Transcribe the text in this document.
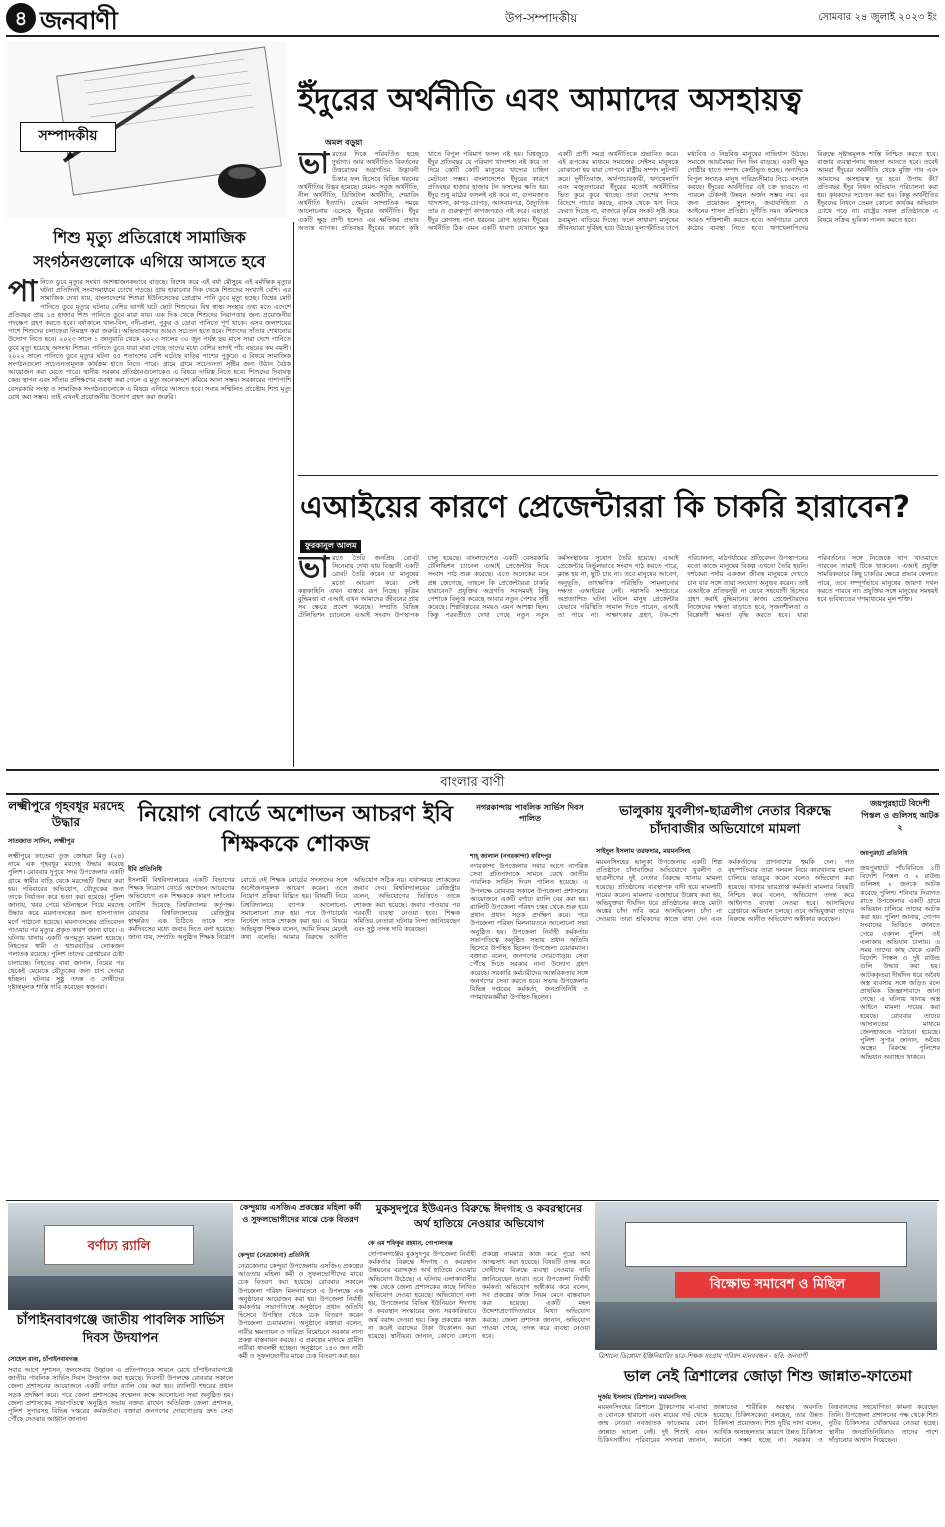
৪ জনবাণী	উপ-সম্পাদকীয়	সোমবার ২৪ জুলাই ২০২৩ ইং
সম্পাদকীয়
ইঁদুরের অর্থনীতি এবং আমাদের অসহায়ত্ব
অমল বড়ুয়া
ভারতের দিকে পরিবর্তিত হচ্ছে দুর্ভাগ্য। আর অর্থনীতিও বিবর্তনের উত্তরোত্তর অগ্রগতির উদ্ভাবনী চিন্তার ফল হিসেবে বিভিন্ন ধরনের অর্থনীতির উদ্ভব হয়েছে। যেমন- সবুজ অর্থনীতি, নীল অর্থনীতি, ডিজিটাল অর্থনীতি, শেয়ারিং অর্থনীতি ইত্যাদি। তেমনি সাম্প্রতিক সময়ে আলোচনায় এসেছে ইঁদুরের অর্থনীতি। ইঁদুর একটি ক্ষুদ্র প্রাণী হলেও এর ক্ষতিকর প্রভাব অত্যন্ত ব্যাপক। প্রতিবছর ইঁদুরের কারণে কৃষি খাতে বিপুল পরিমাণ ফসল নষ্ট হয়। বিশ্বজুড়ে ইঁদুর প্রতিবছর যে পরিমাণ খাদ্যশস্য নষ্ট করে তা দিয়ে কোটি কোটি মানুষের খাদ্যের চাহিদা মেটানো সম্ভব। বাংলাদেশেও ইঁদুরের কারণে প্রতিবছর হাজার হাজার টন ফসলের ক্ষতি হয়। ইঁদুর শুধু মাঠের ফসলই নষ্ট করে না, গুদামজাত খাদ্যশস্য, কাপড়-চোপড়, আসবাবপত্র, বৈদ্যুতিক তার ও গুরুত্বপূর্ণ কাগজপত্রও নষ্ট করে। এছাড়া ইঁদুর প্লেগসহ নানা ধরনের রোগ ছড়ায়। ইঁদুরের অর্থনীতি ঠিক এমন একটি ধারণা যেখানে ক্ষুদ্র একটি প্রাণী সমগ্র অর্থনীতিকে প্রভাবিত করে। এই রূপকের মাধ্যমে সমাজের সেইসব মানুষকে বোঝানো হয় যারা গোপনে রাষ্ট্রীয় সম্পদ লুটপাট করে। দুর্নীতিবাজ, অর্থপাচারকারী, ঋণখেলাপি এবং মজুতদারেরা ইঁদুরের মতোই অর্থনীতির ভিত কুরে কুরে খাচ্ছে। তারা দেশের সম্পদ বিদেশে পাচার করছে, ব্যাংক থেকে ঋণ নিয়ে ফেরত দিচ্ছে না, বাজারে কৃত্রিম সংকট সৃষ্টি করে দ্রব্যমূল্য বাড়িয়ে দিচ্ছে। ফলে সাধারণ মানুষের জীবনযাত্রা দুর্বিষহ হয়ে উঠছে। মূল্যস্ফীতির চাপে মধ্যবিত্ত ও নিম্নবিত্ত মানুষের নাভিশ্বাস উঠছে। সমাজে আয়বৈষম্য দিন দিন বাড়ছে। একটি ক্ষুদ্র গোষ্ঠীর হাতে সম্পদ কেন্দ্রীভূত হচ্ছে। অন্যদিকে বিপুল সংখ্যক মানুষ দারিদ্র্যসীমার নিচে বসবাস করছে। ইঁদুরের অর্থনীতির এই চক্র ভাঙতে না পারলে টেকসই উন্নয়ন অর্জন সম্ভব নয়। এর জন্য প্রয়োজন সুশাসন, জবাবদিহিতা ও আইনের শাসন প্রতিষ্ঠা। দুর্নীতি দমন কমিশনকে আরও শক্তিশালী করতে হবে। অর্থপাচার রোধে কঠোর ব্যবস্থা নিতে হবে। ঋণখেলাপিদের বিরুদ্ধে দৃষ্টান্তমূলক শাস্তি নিশ্চিত করতে হবে। বাজার ব্যবস্থাপনায় স্বচ্ছতা আনতে হবে। তবেই আমরা ইঁদুরের অর্থনীতি থেকে মুক্তি পাব এবং আমাদের অসহায়ত্ব দূর হবে। উপায় কী? প্রতিবছর ইঁদুর নিধন অভিযান পরিচালনা করা হয়। কৃষকদের সচেতন করা হয়। কিন্তু অর্থনীতির ইঁদুরদের নিধনে তেমন কোনো কার্যকর অভিযান চোখে পড়ে না। রাষ্ট্রের সকল প্রতিষ্ঠানকে এ বিষয়ে সক্রিয় ভূমিকা পালন করতে হবে।
শিশু মৃত্যু প্রতিরোধে সামাজিক সংগঠনগুলোকে এগিয়ে আসতে হবে
পানিতে ডুবে মৃত্যুর সংখ্যা আশঙ্কাজনকভাবে বাড়ছে। বিশেষ করে এই বর্ষা মৌসুমে এই মর্মান্তিক মৃত্যুর ঘটনা প্রতিদিনই সংবাদমাধ্যমে চোখে পড়ছে। গ্রাম হারানোর দিক থেকে শিশুদের সংখ্যাই বেশি। এর সামাজিক দেখা যায়, বাংলাদেশের শিশুরা ইউনিসেফের প্রোগ্রাম পানি ডুবে মৃত্যু হচ্ছে। বিশ্বের মোট পানিতে ডুবে মৃত্যুর ঘটনার বেশির ভাগই ঘটে ছোট শিশুদের। বিশ্ব স্বাস্থ্য সংস্থার তথ্য মতে এদেশে প্রতিবছর প্রায় ১৪ হাজার শিশু পানিতে ডুবে মারা যায়। এক দিক থেকে শিশুদের নিরাপত্তার জন্য প্রয়োজনীয় পদক্ষেপ গ্রহণ করতে হবে। বর্ষাকালে খাল-বিল, নদী-নালা, পুকুর ও ডোবা পানিতে পূর্ণ থাকে। এসব জলাশয়ের পাশে শিশুদের চলাফেরা নিয়ন্ত্রণ করা জরুরি। অভিভাবকদের আরও সচেতন হতে হবে। শিশুদের সাঁতার শেখানোর উদ্যোগ নিতে হবে। ২০২৩ সালে ১ জানুয়ারি থেকে ২০২৩ সালের ৩০ জুন পর্যন্ত ছয় মাসে সারা দেশে পানিতে ডুবে মৃত্যু হয়েছে অসংখ্য শিশুর। পানিতে ডুবে যারা মারা গেছে তাদের মধ্যে বেশির ভাগই পাঁচ বছরের কম বয়সী। ২০২২ সালে পানিতে ডুবে মৃত্যুর ঘটনা ৫৫ শতাংশের বেশি ঘটেছে বাড়ির পাশের পুকুরে। এ বিষয়ে সামাজিক সংগঠনগুলো সচেতনতামূলক কার্যক্রম হাতে নিতে পারে। গ্রামে গ্রামে সচেতনতা সৃষ্টির জন্য উঠান বৈঠক আয়োজন করা যেতে পারে। স্থানীয় সরকার প্রতিষ্ঠানগুলোকেও এ বিষয়ে দায়িত্ব নিতে হবে। শিশুদের দিবাযত্ন কেন্দ্র স্থাপন এবং সাঁতার প্রশিক্ষণের ব্যবস্থা করা গেলে এ মৃত্যু অনেকাংশে কমিয়ে আনা সম্ভব। সরকারের পাশাপাশি বেসরকারি সংস্থা ও সামাজিক সংগঠনগুলোকে এ বিষয়ে এগিয়ে আসতে হবে। সবার সম্মিলিত প্রচেষ্টায় শিশু মৃত্যু রোধ করা সম্ভব। তাই এখনই প্রয়োজনীয় উদ্যোগ গ্রহণ করা জরুরি।
এআইয়ের কারণে প্রেজেন্টাররা কি চাকরি হারাবেন?
ফুরকানুল আলম
ভারতে তৈরি জনপ্রিয় রোবট সিনেমায় দেখা যায় বিজ্ঞানী একটি রোবট তৈরি করেন যা মানুষের মতো আচরণ করে। সেই কল্পকাহিনি এখন বাস্তবে রূপ নিচ্ছে। কৃত্রিম বুদ্ধিমত্তা বা এআই এখন আমাদের জীবনের প্রায় সব ক্ষেত্রে প্রবেশ করেছে। সম্প্রতি বিভিন্ন টেলিভিশন চ্যানেলে এআই সংবাদ উপস্থাপক চালু হয়েছে। বাংলাদেশেও একটি বেসরকারি টেলিভিশন চ্যানেল এআই প্রেজেন্টার দিয়ে সংবাদ পাঠ শুরু করেছে। এতে অনেকের মনে প্রশ্ন জেগেছে, তাহলে কি প্রেজেন্টাররা চাকরি হারাবেন? প্রযুক্তির অগ্রগতি সবসময়ই কিছু পেশাকে বিলুপ্ত করেছে আবার নতুন পেশার সৃষ্টি করেছে। শিল্পবিপ্লবের সময়ও এমন আশঙ্কা ছিল। কিন্তু পরবর্তীতে দেখা গেছে নতুন নতুন কর্মসংস্থানের সুযোগ তৈরি হয়েছে। এআই প্রেজেন্টার নির্ভুলভাবে সংবাদ পাঠ করতে পারে, ক্লান্ত হয় না, ছুটি চায় না। তবে মানুষের আবেগ, অনুভূতি, তাৎক্ষণিক পরিস্থিতি সামলানোর দক্ষতা এআইয়ের নেই। সরাসরি সম্প্রচারে অপ্রত্যাশিত ঘটনা ঘটলে মানুষ প্রেজেন্টার যেভাবে পরিস্থিতি সামাল দিতে পারেন, এআই তা পারে না। সাক্ষাৎকার গ্রহণ, টক-শো পরিচালনা, মাঠপর্যায়ের প্রতিবেদন উপস্থাপনের মতো কাজে মানুষের বিকল্প এখনো তৈরি হয়নি। দর্শকেরা পর্দায় একজন জীবন্ত মানুষকে দেখতে চান যার সঙ্গে তারা সংযোগ অনুভব করেন। তাই এআইকে প্রতিদ্বন্দ্বী না ভেবে সহযোগী হিসেবে গ্রহণ করাই বুদ্ধিমানের কাজ। প্রেজেন্টারদের নিজেদের দক্ষতা বাড়াতে হবে, সৃজনশীলতা ও বিশ্লেষণী ক্ষমতা বৃদ্ধি করতে হবে। যারা পরিবর্তনের সঙ্গে নিজেকে খাপ খাওয়াতে পারবেন তারাই টিকে থাকবেন। এআই প্রযুক্তি সাময়িকভাবে কিছু চাকরির ক্ষেত্রে প্রভাব ফেলতে পারে, তবে সম্পূর্ণভাবে মানুষের জায়গা দখল করতে পারবে না। প্রযুক্তির সঙ্গে মানুষের সমন্বয়ই হবে ভবিষ্যতের গণমাধ্যমের মূল শক্তি।
বাংলার বাণী
লক্ষ্মীপুরে গৃহবধূর মরদেহ উদ্ধার
সাতজাত সাদিন, লক্ষ্মীপুর
লক্ষ্মীপুরে ফাতেমা তুজ জোহরা মিতু (২৪) নামে এক গৃহবধূর মরদেহ উদ্ধার করেছে পুলিশ। রোববার দুপুরে সদর উপজেলার একটি গ্রামে স্বামীর বাড়ি থেকে মরদেহটি উদ্ধার করা হয়। পরিবারের অভিযোগ, যৌতুকের জন্য তাকে নির্যাতন করে হত্যা করা হয়েছে। পুলিশ জানায়, খবর পেয়ে ঘটনাস্থলে গিয়ে মরদেহ উদ্ধার করে ময়নাতদন্তের জন্য হাসপাতাল মর্গে পাঠানো হয়েছে। ময়নাতদন্তের প্রতিবেদন পাওয়ার পর মৃত্যুর প্রকৃত কারণ জানা যাবে। এ ঘটনায় থানায় একটি অপমৃত্যু মামলা হয়েছে। নিহতের স্বামী ও শ্বশুরবাড়ির লোকজন পলাতক রয়েছে। পুলিশ তাদের গ্রেপ্তারের চেষ্টা চালাচ্ছে। নিহতের বাবা জানান, বিয়ের পর থেকেই মেয়েকে যৌতুকের জন্য চাপ দেওয়া হচ্ছিল। ঘটনার সুষ্ঠু তদন্ত ও দোষীদের দৃষ্টান্তমূলক শাস্তি দাবি করেছেন স্বজনরা।
নিয়োগ বোর্ডে অশোভন আচরণ ইবি শিক্ষককে শোকজ
ইবি প্রতিনিধি
ইসলামী বিশ্ববিদ্যালয়ের একটি বিভাগের শিক্ষক নিয়োগ বোর্ডে অশোভন আচরণের অভিযোগে এক শিক্ষককে কারণ দর্শানোর নোটিশ দিয়েছে বিশ্ববিদ্যালয় কর্তৃপক্ষ। রোববার বিশ্ববিদ্যালয়ের রেজিস্ট্রার স্বাক্ষরিত এক চিঠিতে তাকে সাত কর্মদিবসের মধ্যে জবাব দিতে বলা হয়েছে। জানা যায়, সম্প্রতি অনুষ্ঠিত শিক্ষক নিয়োগ বোর্ডে ওই শিক্ষক বোর্ডের সদস্যদের সঙ্গে অসৌজন্যমূলক আচরণ করেন। এতে নিয়োগ প্রক্রিয়া বিঘ্নিত হয়। বিষয়টি নিয়ে বিশ্ববিদ্যালয়ে ব্যাপক আলোচনা-সমালোচনা শুরু হয়। পরে উপাচার্যের নির্দেশে তাকে শোকজ করা হয়। এ বিষয়ে অভিযুক্ত শিক্ষক বলেন, আমি নিয়ম মেনেই কথা বলেছি। আমার বিরুদ্ধে আনীত অভিযোগ সঠিক নয়। যথাসময়ে শোকজের জবাব দেব। বিশ্ববিদ্যালয়ের রেজিস্ট্রার বলেন, অভিযোগের ভিত্তিতে তাকে শোকজ করা হয়েছে। জবাব পাওয়ার পর পরবর্তী ব্যবস্থা নেওয়া হবে। শিক্ষক সমিতির নেতারা ঘটনার নিন্দা জানিয়েছেন এবং সুষ্ঠু তদন্ত দাবি করেছেন।
নগরকান্দায় পাবলিক সার্ভিস দিবস পালিত
শাহ্ জালাল (নগরকান্দা) ফরিদপুর
নগরকান্দা উপজেলায় সবার আগে নাগরিক সেবা প্রতিপাদ্যকে সামনে রেখে জাতীয় পাবলিক সার্ভিস দিবস পালিত হয়েছে। এ উপলক্ষে রোববার সকালে উপজেলা প্রশাসনের আয়োজনে একটি বর্ণাঢ্য র‍্যালি বের করা হয়। র‍্যালিটি উপজেলা পরিষদ চত্বর থেকে শুরু হয়ে প্রধান প্রধান সড়ক প্রদক্ষিণ করে। পরে উপজেলা পরিষদ মিলনায়তনে আলোচনা সভা অনুষ্ঠিত হয়। উপজেলা নির্বাহী কর্মকর্তার সভাপতিত্বে অনুষ্ঠিত সভায় প্রধান অতিথি হিসেবে উপস্থিত ছিলেন উপজেলা চেয়ারম্যান। বক্তারা বলেন, জনগণের দোরগোড়ায় সেবা পৌঁছে দিতে সরকার নানা উদ্যোগ গ্রহণ করেছে। সরকারি কর্মচারীদের আন্তরিকতার সঙ্গে জনগণের সেবা করতে হবে। সভায় উপজেলার বিভিন্ন দপ্তরের কর্মকর্তা, জনপ্রতিনিধি ও গণমাধ্যমকর্মীরা উপস্থিত ছিলেন।
ভালুকায় যুবলীগ-ছাত্রলীগ নেতার বিরুদ্ধে চাঁদাবাজীর অভিযোগে মামলা
সাইদুল ইসলাম তরফদার, ময়মনসিংহ
ময়মনসিংহের ভালুকা উপজেলায় একটি শিল্প প্রতিষ্ঠানে চাঁদাবাজির অভিযোগে যুবলীগ ও ছাত্রলীগের দুই নেতার বিরুদ্ধে থানায় মামলা হয়েছে। প্রতিষ্ঠানের ব্যবস্থাপক বাদী হয়ে মামলাটি দায়ের করেন। মামলার এজাহারে উল্লেখ করা হয়, অভিযুক্তরা দীর্ঘদিন ধরে প্রতিষ্ঠানের কাছে মোটা অঙ্কের চাঁদা দাবি করে আসছিলেন। চাঁদা না দেওয়ায় তারা শ্রমিকদের কাজে বাধা দেন এবং কর্মকর্তাদের প্রাণনাশের হুমকি দেন। গত বৃহস্পতিবার তারা দলবল নিয়ে কারখানায় হামলা চালিয়ে ভাঙচুর করেন বলেও অভিযোগ করা হয়েছে। থানার ভারপ্রাপ্ত কর্মকর্তা মামলার বিষয়টি নিশ্চিত করে বলেন, অভিযোগ তদন্ত করে আইনগত ব্যবস্থা নেওয়া হবে। আসামিদের গ্রেপ্তারে অভিযান চলছে। তবে অভিযুক্তরা তাদের বিরুদ্ধে আনীত অভিযোগ অস্বীকার করেছেন।
জয়পুরহাটে বিদেশী পিস্তল ও গুলিসহ আটক ২
জয়পুরহাট প্রতিনিধি
জয়পুরহাটে পাঁচবিবিতে ১টি বিদেশি পিস্তল ও ২ রাউন্ড গুলিসহ ২ জনকে আটক করেছে পুলিশ। শনিবার দিবাগত রাতে উপজেলার একটি গ্রামে অভিযান চালিয়ে তাদের আটক করা হয়। পুলিশ জানায়, গোপন সংবাদের ভিত্তিতে জানতে পেরে একদল পুলিশ ওই এলাকায় অভিযান চালায়। এ সময় তাদের কাছ থেকে একটি বিদেশি পিস্তল ও দুই রাউন্ড গুলি উদ্ধার করা হয়। আটককৃতরা দীর্ঘদিন ধরে অবৈধ অস্ত্র ব্যবসার সঙ্গে জড়িত বলে প্রাথমিক জিজ্ঞাসাবাদে জানা গেছে। এ ঘটনায় থানায় অস্ত্র আইনে মামলা দায়ের করা হয়েছে। রোববার তাদের আদালতের মাধ্যমে জেলহাজতে পাঠানো হয়েছে। পুলিশ সুপার জানান, অবৈধ অস্ত্রের বিরুদ্ধে পুলিশের অভিযান অব্যাহত থাকবে।
বর্ণাঢ্য র‍্যালি
চাঁপাইনবাবগঞ্জে জাতীয় পাবলিক সার্ভিস দিবস উদযাপন
সোহেল রানা, চাঁপাইনবাবগঞ্জ
সবার আগে সুশাসন, জনসেবায় উদ্ভাবন এ প্রতিপাদ্যকে সামনে রেখে চাঁপাইনবাবগঞ্জে জাতীয় পাবলিক সার্ভিস দিবস উদযাপন করা হয়েছে। দিবসটি উপলক্ষে রোববার সকালে জেলা প্রশাসনের আয়োজনে একটি বর্ণাঢ্য র‍্যালি বের করা হয়। র‍্যালিটি শহরের প্রধান সড়ক প্রদক্ষিণ করে। পরে জেলা প্রশাসকের সম্মেলন কক্ষে আলোচনা সভা অনুষ্ঠিত হয়। জেলা প্রশাসকের সভাপতিত্বে অনুষ্ঠিত সভায় বক্তব্য রাখেন অতিরিক্ত জেলা প্রশাসক, পুলিশ সুপারসহ বিভিন্ন দপ্তরের কর্মকর্তারা। বক্তারা জনগণের দোরগোড়ায় দ্রুত সেবা পৌঁছে দেওয়ার আহ্বান জানান।
কেন্দুয়ায় এসজিএ প্রকল্পের মহিলা কর্মী ও সুফলভোগীদের মাঝে চেক বিতরণ
কেন্দুয়া (নেত্রকোনা) প্রতিনিধি
নেত্রকোনার কেন্দুয়া উপজেলায় এসজিএ প্রকল্পের আওতায় মহিলা কর্মী ও সুফলভোগীদের মাঝে চেক বিতরণ করা হয়েছে। রোববার সকালে উপজেলা পরিষদ মিলনায়তনে এ উপলক্ষে এক অনুষ্ঠানের আয়োজন করা হয়। উপজেলা নির্বাহী কর্মকর্তার সভাপতিত্বে অনুষ্ঠানে প্রধান অতিথি হিসেবে উপস্থিত থেকে চেক বিতরণ করেন উপজেলা চেয়ারম্যান। অনুষ্ঠানে বক্তারা বলেন, নারীর ক্ষমতায়ন ও দারিদ্র্য বিমোচনে সরকার নানা প্রকল্প বাস্তবায়ন করছে। এ প্রকল্পের মাধ্যমে গ্রামীণ নারীরা স্বাবলম্বী হচ্ছেন। অনুষ্ঠানে ১৪৩ জন নারী কর্মী ও সুফলভোগীর মাঝে চেক বিতরণ করা হয়।
মুকসুদপুরে ইউএনও বিরুদ্ধে ঈদগাহ ও কবরস্থানের অর্থ হাতিয়ে নেওয়ার অভিযোগ
কে এম শফিকুর রহমান, গোপালগঞ্জ
গোপালগঞ্জের মুকসুদপুর উপজেলা নির্বাহী কর্মকর্তার বিরুদ্ধে ঈদগাহ ও কবরস্থান উন্নয়নের বরাদ্দকৃত অর্থ হাতিয়ে নেওয়ার অভিযোগ উঠেছে। এ ঘটনায় এলাকাবাসীর পক্ষ থেকে জেলা প্রশাসকের কাছে লিখিত অভিযোগ দেওয়া হয়েছে। অভিযোগে বলা হয়, উপজেলার বিভিন্ন ইউনিয়নে ঈদগাহ ও কবরস্থান সংস্কারের জন্য সরকারিভাবে অর্থ বরাদ্দ দেওয়া হয়। কিন্তু প্রকল্পের কাজ না করেই বরাদ্দের টাকা উত্তোলন করা হয়েছে। স্থানীয়রা জানান, কোনো কোনো প্রকল্পে নামমাত্র কাজ করে পুরো অর্থ আত্মসাৎ করা হয়েছে। বিষয়টি তদন্ত করে দোষীদের বিরুদ্ধে ব্যবস্থা নেওয়ার দাবি জানিয়েছেন তারা। তবে উপজেলা নির্বাহী কর্মকর্তা অভিযোগ অস্বীকার করে বলেন, সব প্রকল্পের কাজ নিয়ম মেনে বাস্তবায়ন করা হয়েছে। একটি মহল উদ্দেশ্যপ্রণোদিতভাবে মিথ্যা অভিযোগ করছে। জেলা প্রশাসক জানান, অভিযোগ পাওয়া গেছে, তদন্ত করে ব্যবস্থা নেওয়া হবে।
বিক্ষোভ সমাবেশ ও মিছিল
ত্রিশালে ডিপ্লোমা ইঞ্জিনিয়ারিং ছাত্র-শিক্ষক সংগ্রাম পরিষদ মানববন্ধন - ছবি: জনবাণী
ভাল নেই ত্রিশালের জোড়া শিশু জান্নাত-ফাতেমা
দুর্জয় ইসলাম (ত্রিশাল) ময়মনসিংহ
ময়মনসিংহের ত্রিশালে ট্রাকচাপায় মা-বাবা ও বোনকে হারানো এবং মায়ের গর্ভ থেকে জন্ম নেওয়া নবজাতক ফাতেমার বোন জান্নাত ভালো নেই। দুই শিশুই এখন চিকিৎসাধীন। পরিবারের সদস্যরা জানান, জান্নাতের শারীরিক অবস্থার অবনতি হয়েছে। চিকিৎসকেরা বলছেন, তার উন্নত চিকিৎসা প্রয়োজন। শিশু দুটির দাদা বলেন, আর্থিক অসচ্ছলতার কারণে উন্নত চিকিৎসা করানো সম্ভব হচ্ছে না। সরকার ও বিত্তবানদের সহযোগিতা কামনা করেছেন তিনি। উপজেলা প্রশাসনের পক্ষ থেকে শিশু দুটির চিকিৎসার খোঁজখবর নেওয়া হচ্ছে। স্থানীয় জনপ্রতিনিধিরাও তাদের পাশে দাঁড়ানোর আশ্বাস দিয়েছেন।
